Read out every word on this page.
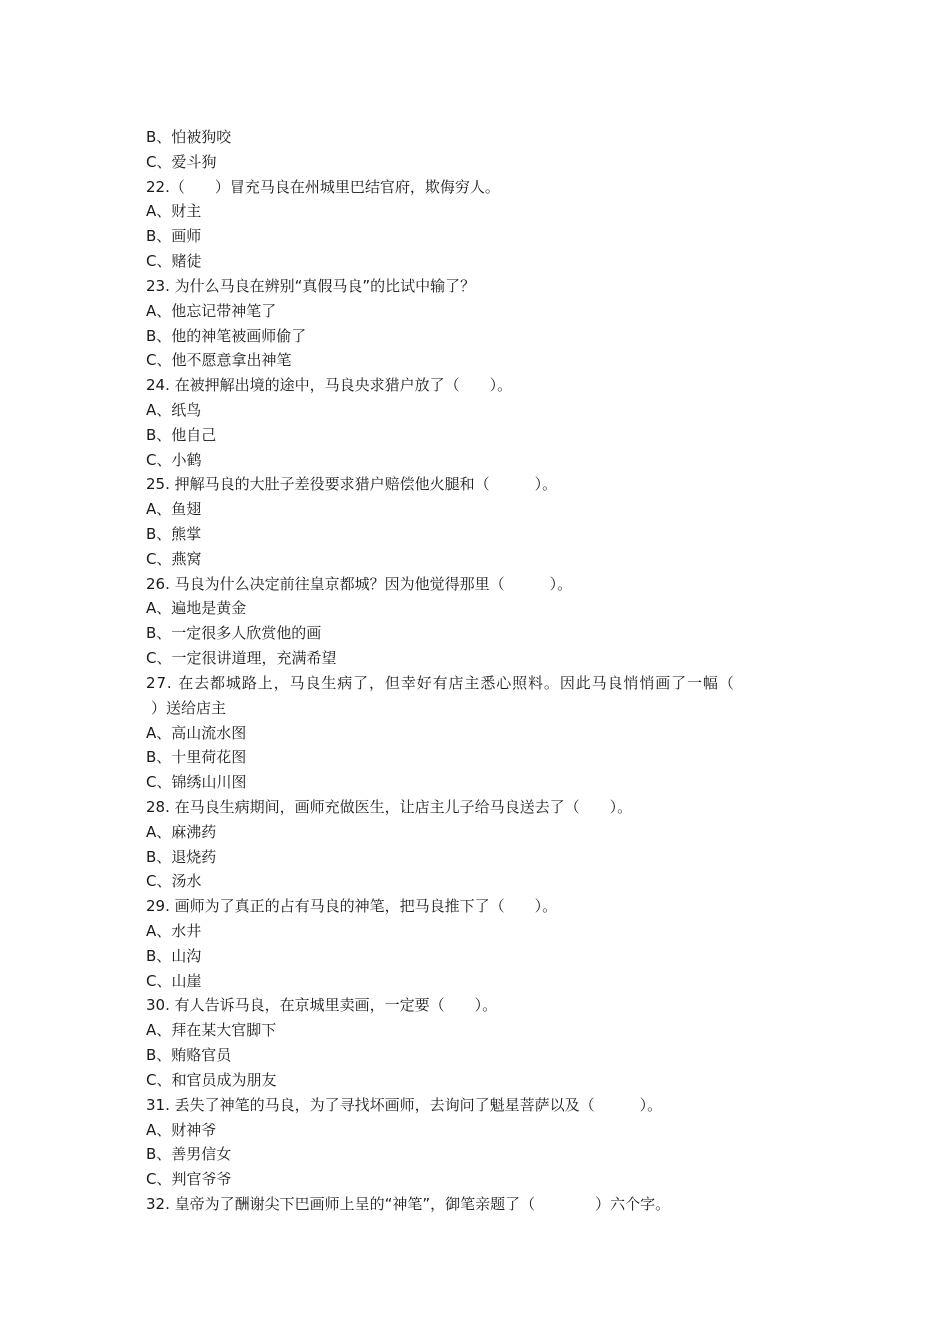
B、怕被狗咬
C、爱斗狗
22.（　　）冒充马良在州城里巴结官府，欺侮穷人。
A、财主
B、画师
C、赌徒
23. 为什么马良在辨别“真假马良”的比试中输了？
A、他忘记带神笔了
B、他的神笔被画师偷了
C、他不愿意拿出神笔
24. 在被押解出境的途中，马良央求猎户放了（　　）。
A、纸鸟
B、他自己
C、小鹤
25. 押解马良的大肚子差役要求猎户赔偿他火腿和（　　　）。
A、鱼翅
B、熊掌
C、燕窝
26. 马良为什么决定前往皇京都城？因为他觉得那里（　　　）。
A、遍地是黄金
B、一定很多人欣赏他的画
C、一定很讲道理，充满希望
27. 在去都城路上，马良生病了，但幸好有店主悉心照料。因此马良悄悄画了一幅（
）送给店主
A、高山流水图
B、十里荷花图
C、锦绣山川图
28. 在马良生病期间，画师充做医生，让店主儿子给马良送去了（　　）。
A、麻沸药
B、退烧药
C、汤水
29. 画师为了真正的占有马良的神笔，把马良推下了（　　）。
A、水井
B、山沟
C、山崖
30. 有人告诉马良，在京城里卖画，一定要（　　）。
A、拜在某大官脚下
B、贿赂官员
C、和官员成为朋友
31. 丢失了神笔的马良，为了寻找坏画师，去询问了魁星菩萨以及（　　　）。
A、财神爷
B、善男信女
C、判官爷爷
32. 皇帝为了酬谢尖下巴画师上呈的“神笔”，御笔亲题了（　　　　）六个字。
